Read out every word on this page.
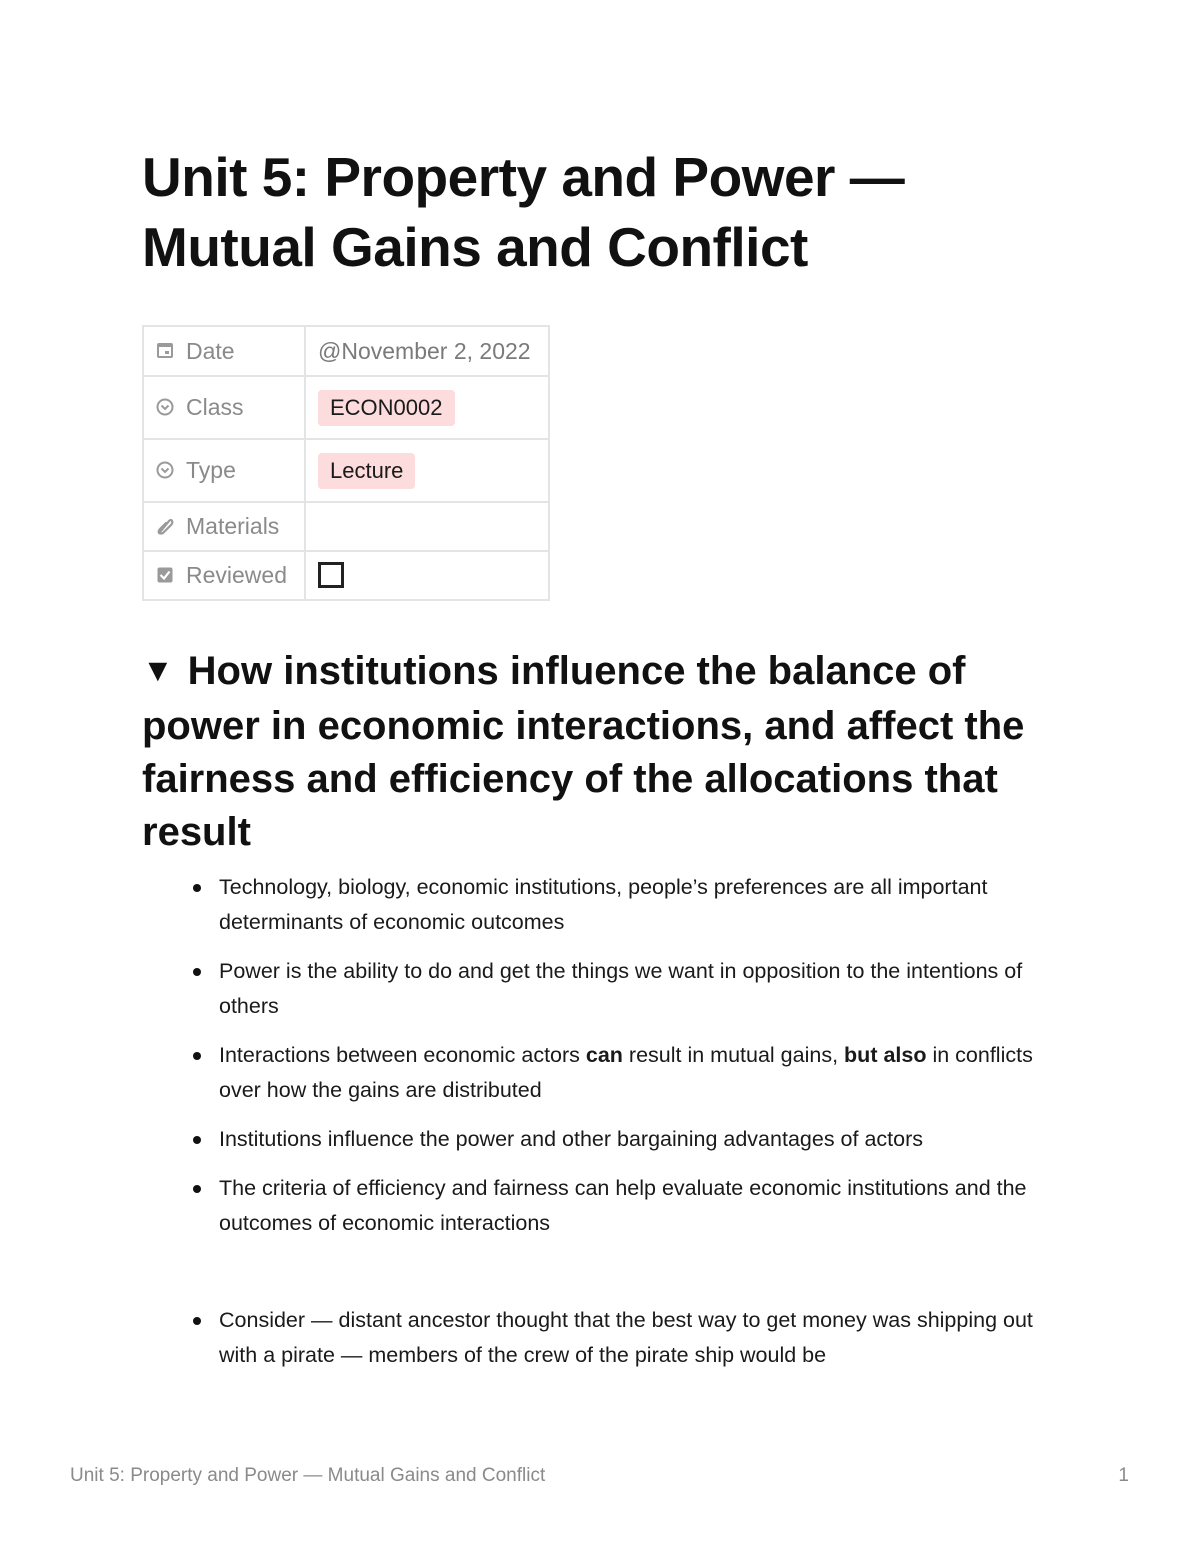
Unit 5: Property and Power — Mutual Gains and Conflict
Date	@November 2, 2022
Class	ECON0002
Type	Lecture
Materials	
Reviewed	
▼ How institutions influence the balance of power in economic interactions, and affect the fairness and efficiency of the allocations that result
Technology, biology, economic institutions, people’s preferences are all important determinants of economic outcomes
Power is the ability to do and get the things we want in opposition to the intentions of others
Interactions between economic actors can result in mutual gains, but also in conflicts over how the gains are distributed
Institutions influence the power and other bargaining advantages of actors
The criteria of efficiency and fairness can help evaluate economic institutions and the outcomes of economic interactions
Consider — distant ancestor thought that the best way to get money was shipping out with a pirate — members of the crew of the pirate ship would be
Unit 5: Property and Power — Mutual Gains and Conflict	1
